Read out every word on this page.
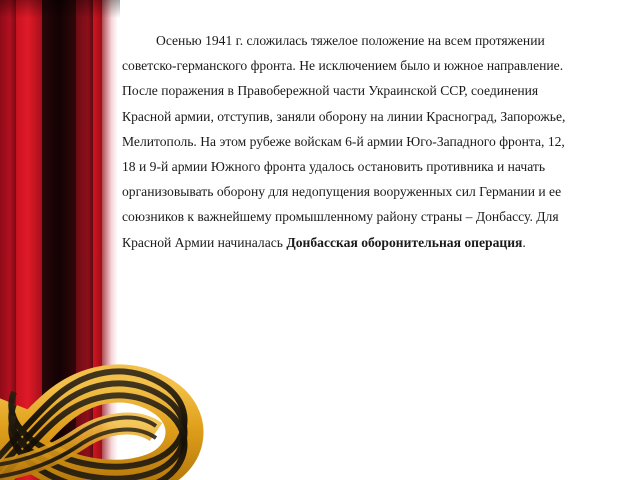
Осенью 1941 г. сложилась тяжелое положение на всем протяжении советско-германского фронта. Не исключением было и южное направление. После поражения в Правобережной части Украинской ССР, соединения Красной армии, отступив, заняли оборону на линии Красноград, Запорожье, Мелитополь. На этом рубеже войскам 6-й армии Юго-Западного фронта, 12, 18 и 9-й армии Южного фронта удалось остановить противника и начать организовывать оборону для недопущения вооруженных сил Германии и ее союзников к важнейшему промышленному району страны – Донбассу. Для Красной Армии начиналась Донбасская оборонительная операция.
